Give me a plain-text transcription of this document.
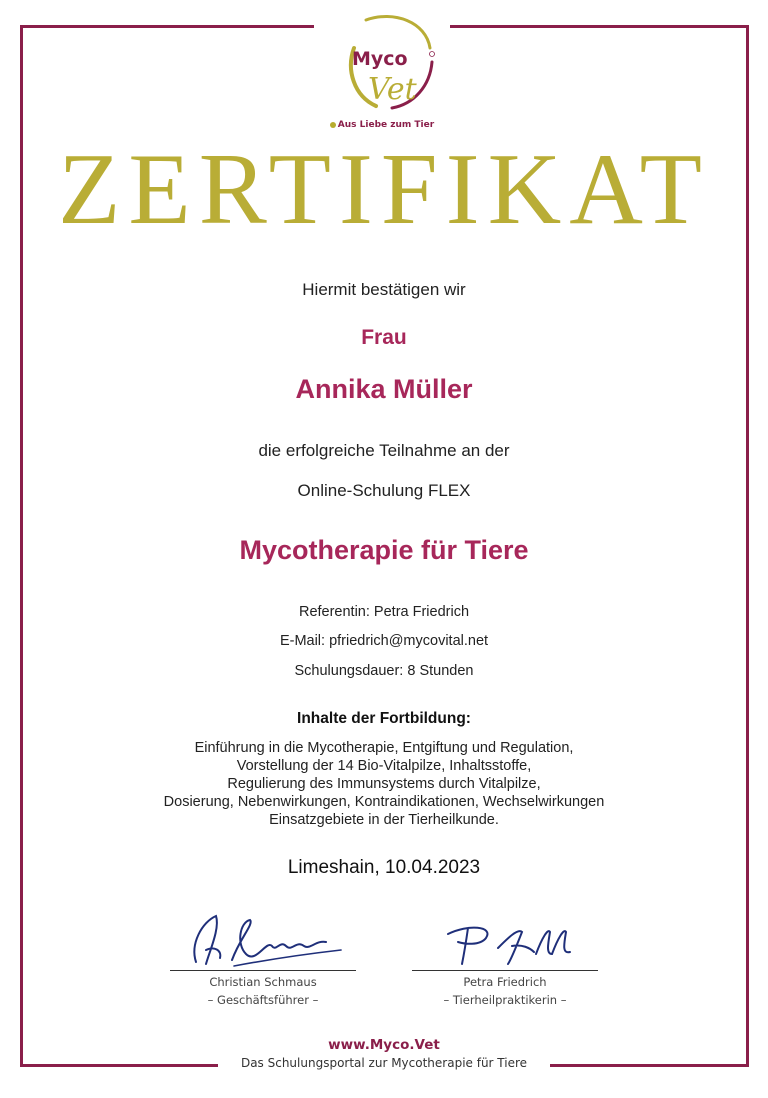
Myco
Vet
Aus Liebe zum Tier
ZERTIFIKAT
Hiermit bestätigen wir
Frau
Annika Müller
die erfolgreiche Teilnahme an der
Online-Schulung FLEX
Mycotherapie für Tiere
Referentin: Petra Friedrich
E-Mail: pfriedrich@mycovital.net
Schulungsdauer: 8 Stunden
Inhalte der Fortbildung:
Einführung in die Mycotherapie, Entgiftung und Regulation,
Vorstellung der 14 Bio-Vitalpilze, Inhaltsstoffe,
Regulierung des Immunsystems durch Vitalpilze,
Dosierung, Nebenwirkungen, Kontraindikationen, Wechselwirkungen
Einsatzgebiete in der Tierheilkunde.
Limeshain, 10.04.2023
Christian Schmaus
– Geschäftsführer –
Petra Friedrich
– Tierheilpraktikerin –
www.Myco.Vet
Das Schulungsportal zur Mycotherapie für Tiere
